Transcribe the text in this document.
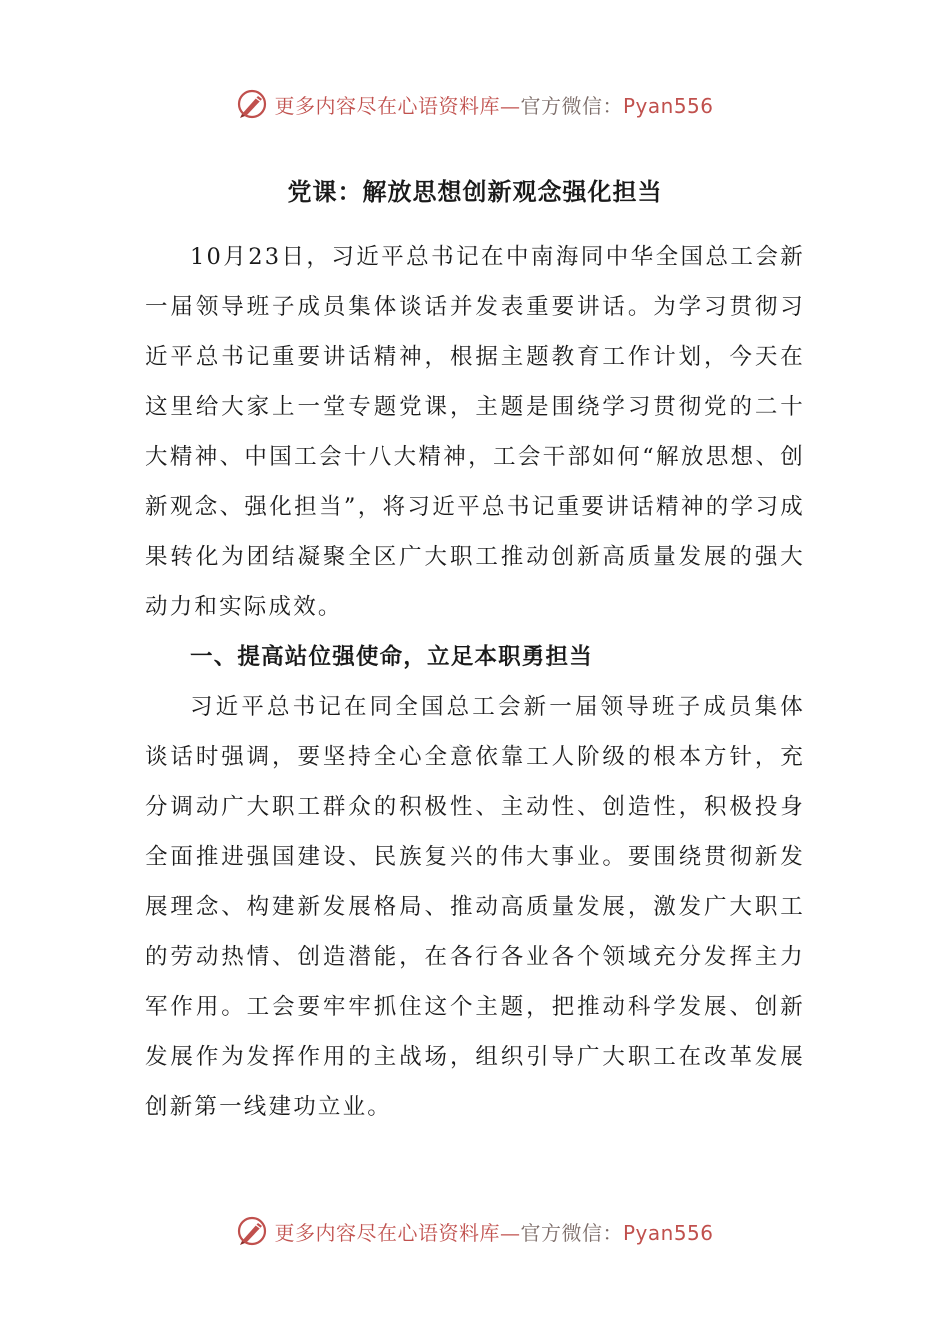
更多内容尽在心语资料库—官方微信：Pyan556
党课：解放思想创新观念强化担当

10月23日，习近平总书记在中南海同中华全国总工会新一届领导班子成员集体谈话并发表重要讲话。为学习贯彻习近平总书记重要讲话精神，根据主题教育工作计划，今天在这里给大家上一堂专题党课，主题是围绕学习贯彻党的二十大精神、中国工会十八大精神，工会干部如何“解放思想、创新观念、强化担当”，将习近平总书记重要讲话精神的学习成果转化为团结凝聚全区广大职工推动创新高质量发展的强大动力和实际成效。

一、提高站位强使命，立足本职勇担当

习近平总书记在同全国总工会新一届领导班子成员集体谈话时强调，要坚持全心全意依靠工人阶级的根本方针，充分调动广大职工群众的积极性、主动性、创造性，积极投身全面推进强国建设、民族复兴的伟大事业。要围绕贯彻新发展理念、构建新发展格局、推动高质量发展，激发广大职工的劳动热情、创造潜能，在各行各业各个领域充分发挥主力军作用。工会要牢牢抓住这个主题，把推动科学发展、创新发展作为发挥作用的主战场，组织引导广大职工在改革发展创新第一线建功立业。

更多内容尽在心语资料库—官方微信：Pyan556
